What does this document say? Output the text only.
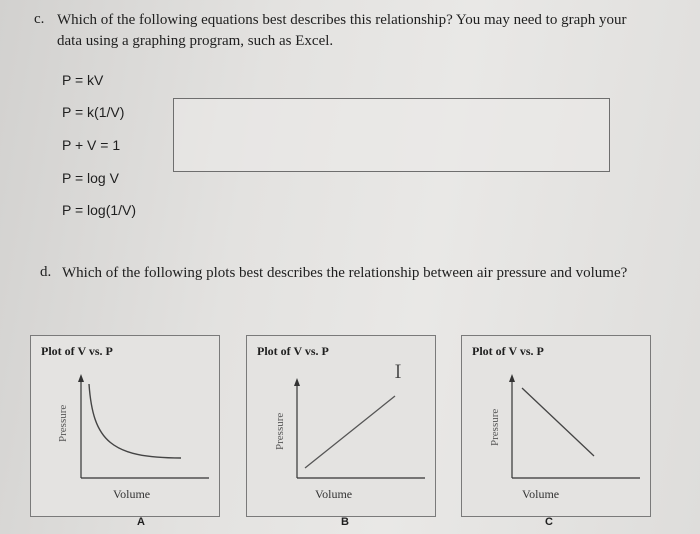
c. Which of the following equations best describes this relationship? You may need to graph your
data using a graphing program, such as Excel.
P = kV
P = k(1/V)
P + V = 1
P = log V
P = log(1/V)
d. Which of the following plots best describes the relationship between air pressure and volume?
Plot of V vs. P
Pressure
Volume
A
Plot of V vs. P
Pressure
Volume
B
Ｉ
Plot of V vs. P
Pressure
Volume
C
